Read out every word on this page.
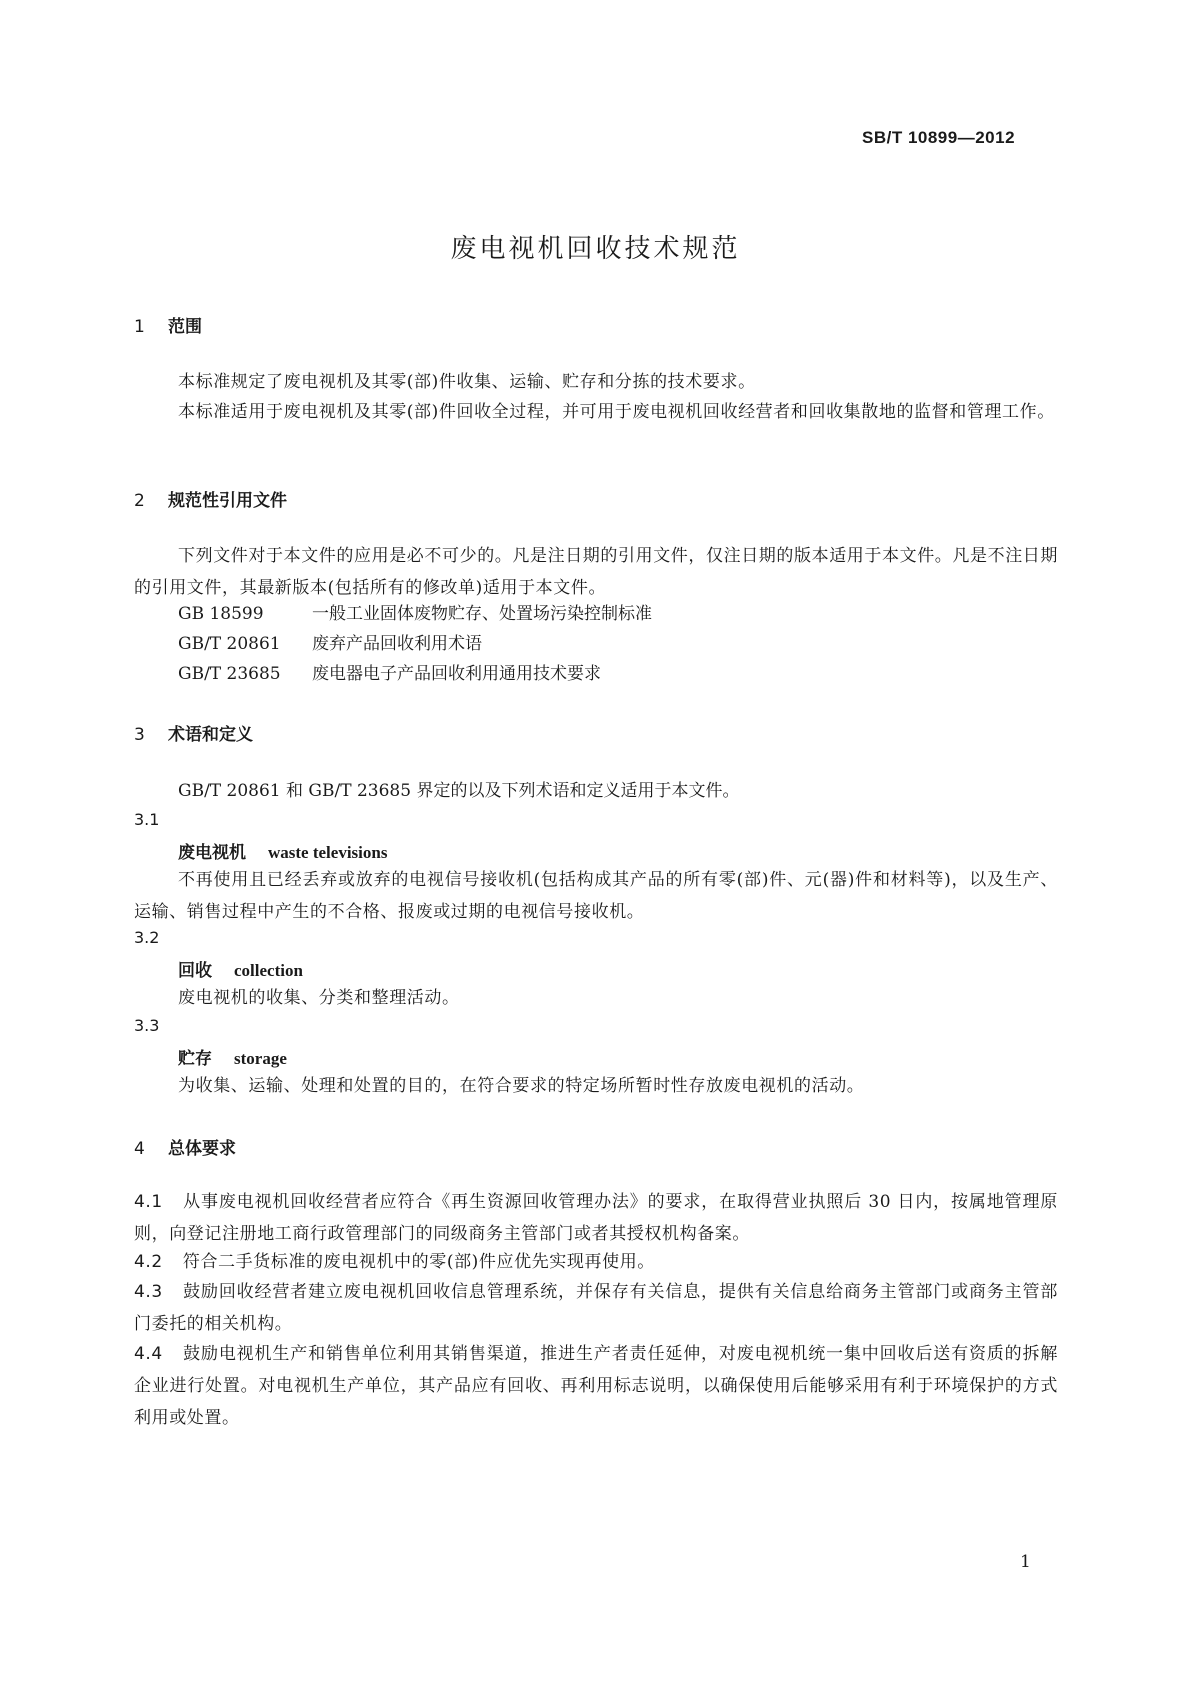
SB/T 10899—2012
废电视机回收技术规范
1 范围
本标准规定了废电视机及其零(部)件收集、运输、贮存和分拣的技术要求。
本标准适用于废电视机及其零(部)件回收全过程，并可用于废电视机回收经营者和回收集散地的监督和管理工作。
2 规范性引用文件
下列文件对于本文件的应用是必不可少的。凡是注日期的引用文件，仅注日期的版本适用于本文件。凡是不注日期的引用文件，其最新版本(包括所有的修改单)适用于本文件。
GB 18599	一般工业固体废物贮存、处置场污染控制标准
GB/T 20861 废弃产品回收利用术语
GB/T 23685 废电器电子产品回收利用通用技术要求
3 术语和定义
GB/T 20861 和 GB/T 23685 界定的以及下列术语和定义适用于本文件。
3.1
废电视机 waste televisions
不再使用且已经丢弃或放弃的电视信号接收机(包括构成其产品的所有零(部)件、元(器)件和材料等)，以及生产、运输、销售过程中产生的不合格、报废或过期的电视信号接收机。
3.2
回收 collection
废电视机的收集、分类和整理活动。
3.3
贮存 storage
为收集、运输、处理和处置的目的，在符合要求的特定场所暂时性存放废电视机的活动。
4 总体要求
4.1 从事废电视机回收经营者应符合《再生资源回收管理办法》的要求，在取得营业执照后 30 日内，按属地管理原则，向登记注册地工商行政管理部门的同级商务主管部门或者其授权机构备案。
4.2 符合二手货标准的废电视机中的零(部)件应优先实现再使用。
4.3 鼓励回收经营者建立废电视机回收信息管理系统，并保存有关信息，提供有关信息给商务主管部门或商务主管部门委托的相关机构。
4.4 鼓励电视机生产和销售单位利用其销售渠道，推进生产者责任延伸，对废电视机统一集中回收后送有资质的拆解企业进行处置。对电视机生产单位，其产品应有回收、再利用标志说明，以确保使用后能够采用有利于环境保护的方式利用或处置。
1
